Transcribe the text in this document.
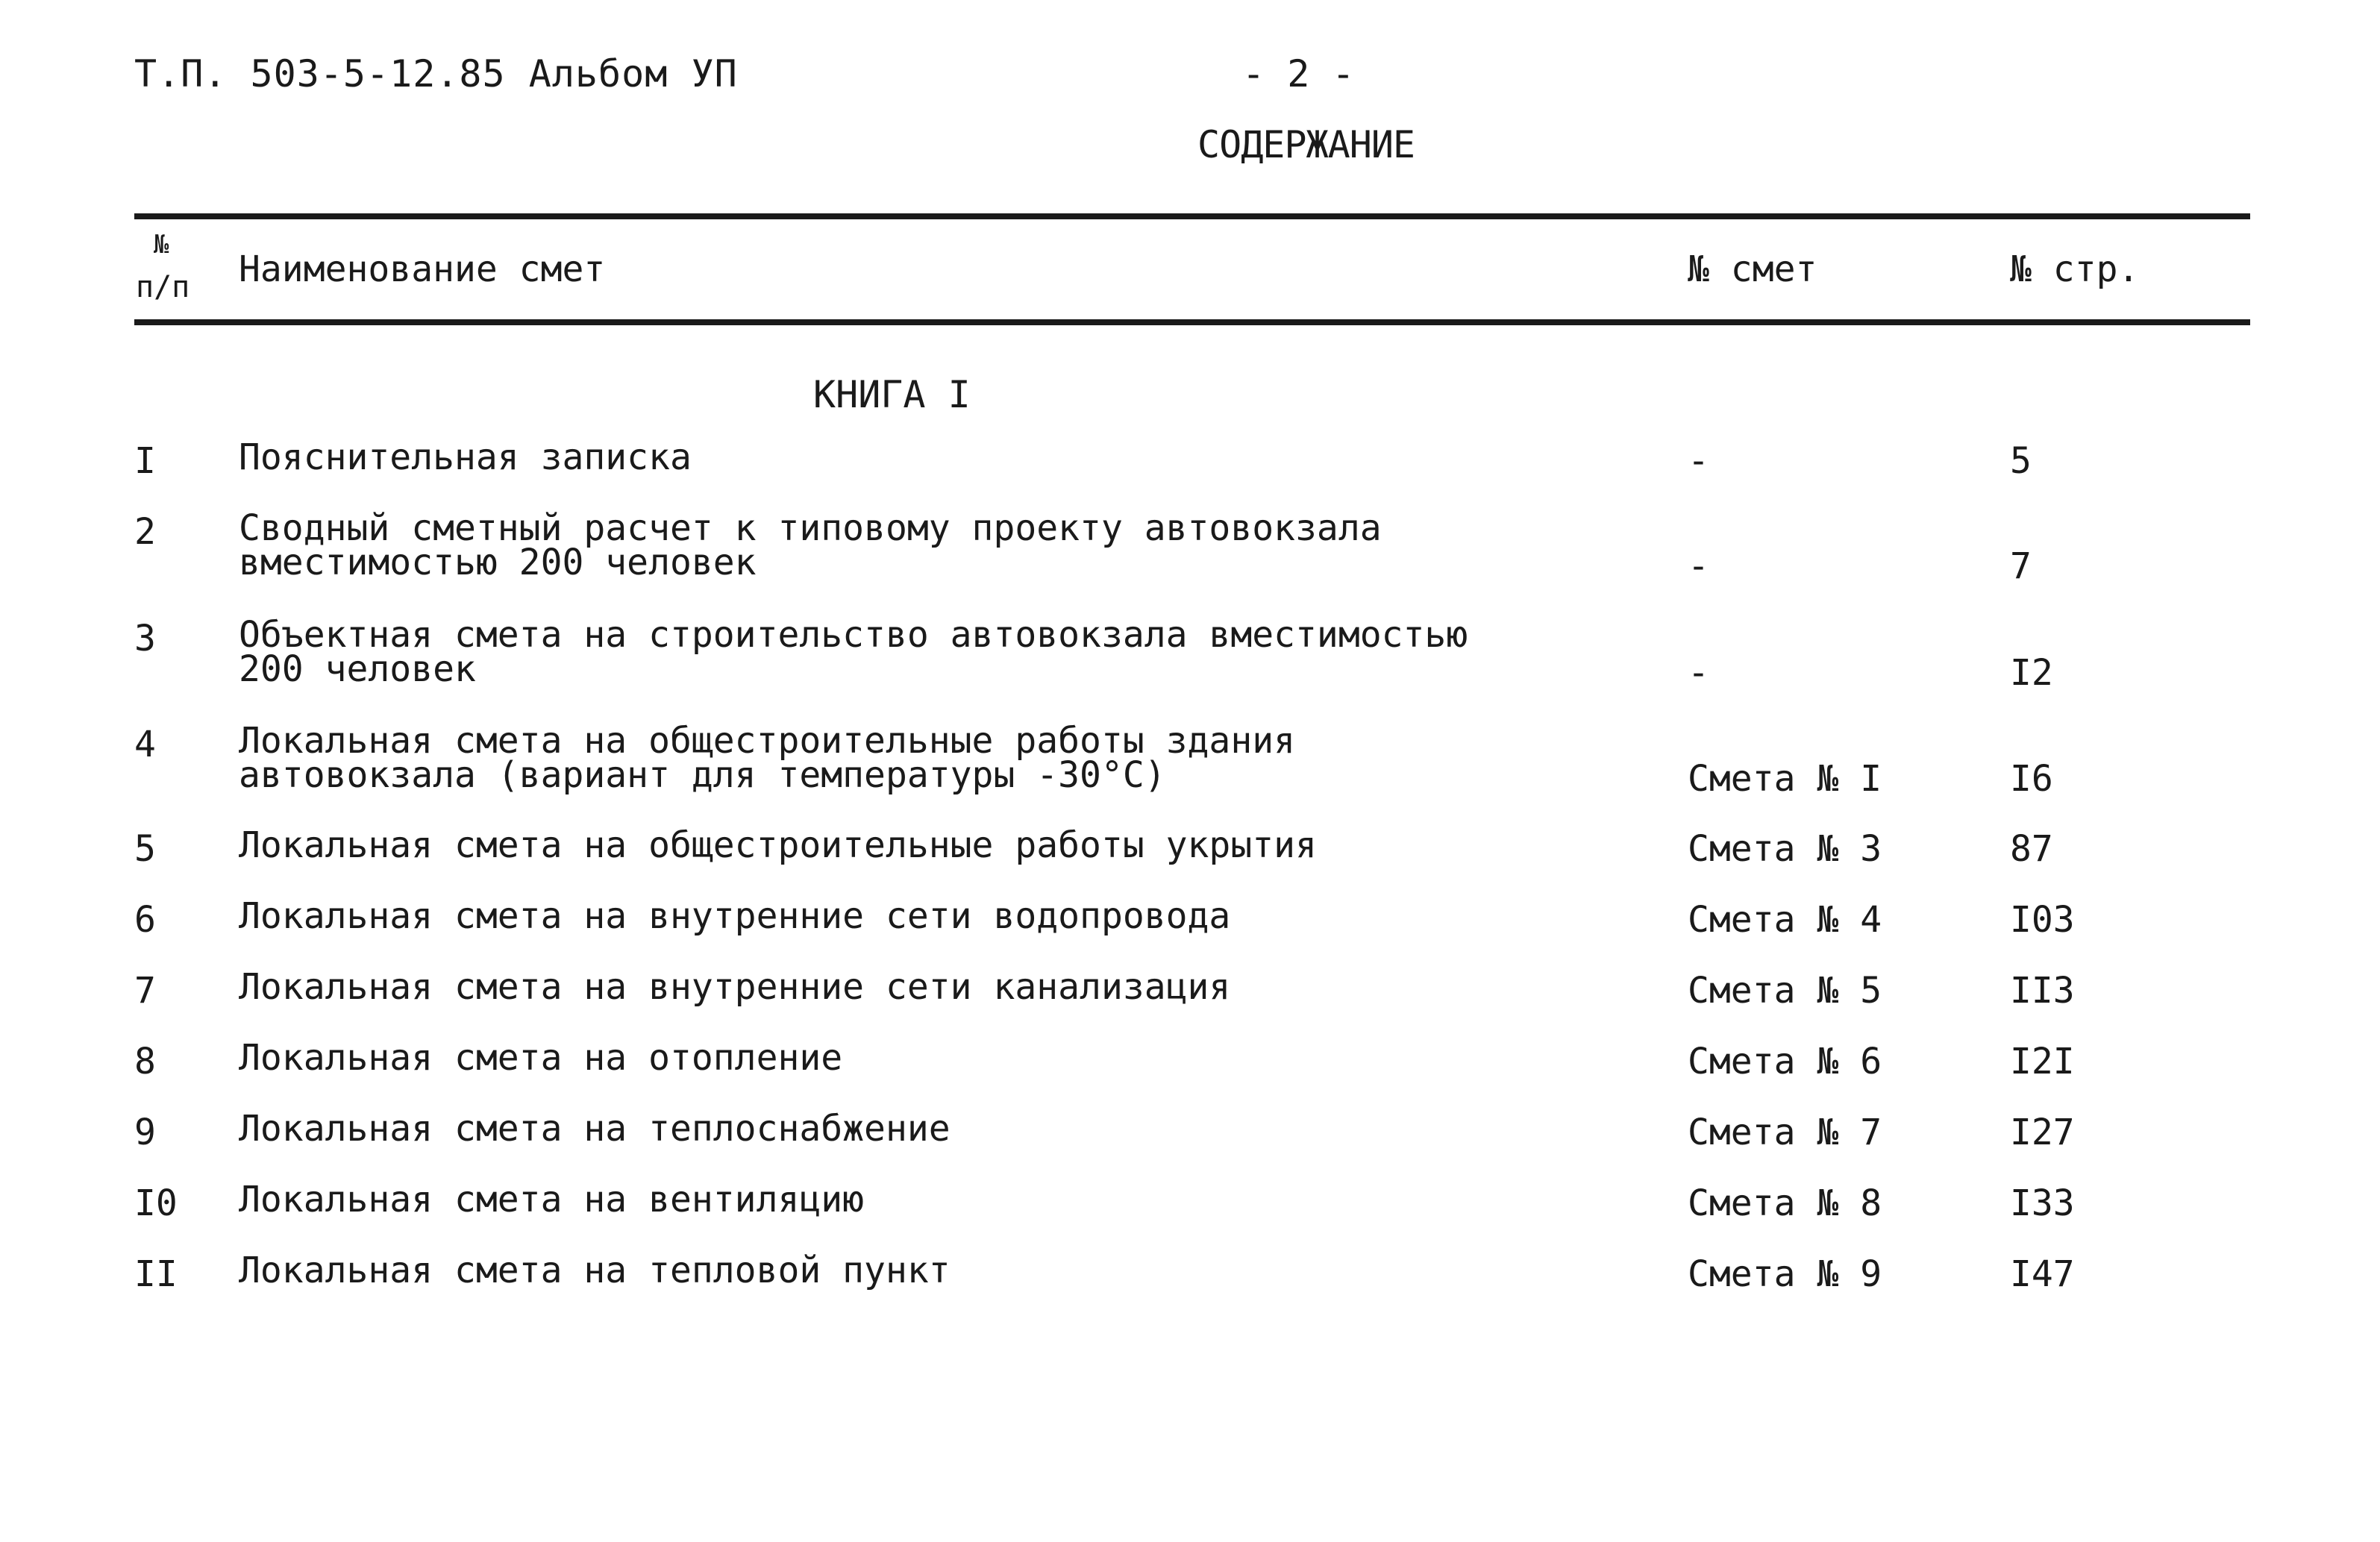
Т.П. 503-5-12.85 Альбом УП	- 2 -
СОДЕРЖАНИЕ
№
п/п Наименование смет	№ смет	№ стр.
КНИГА I
I Пояснительная записка	-	5
2 Сводный сметный расчет к типовому проекту автовокзала
вместимостью 200 человек	-	7
3 Объектная смета на строительство автовокзала вместимостью
200 человек	-	I2
4 Локальная смета на общестроительные работы здания
автовокзала (вариант для температуры -30°С)	Смета № I	I6
5 Локальная смета на общестроительные работы укрытия	Смета № 3	87
6 Локальная смета на внутренние сети водопровода	Смета № 4	I03
7 Локальная смета на внутренние сети канализация	Смета № 5	II3
8 Локальная смета на отопление	Смета № 6	I2I
9 Локальная смета на теплоснабжение	Смета № 7	I27
I0 Локальная смета на вентиляцию	Смета № 8	I33
II Локальная смета на тепловой пункт	Смета № 9	I47
